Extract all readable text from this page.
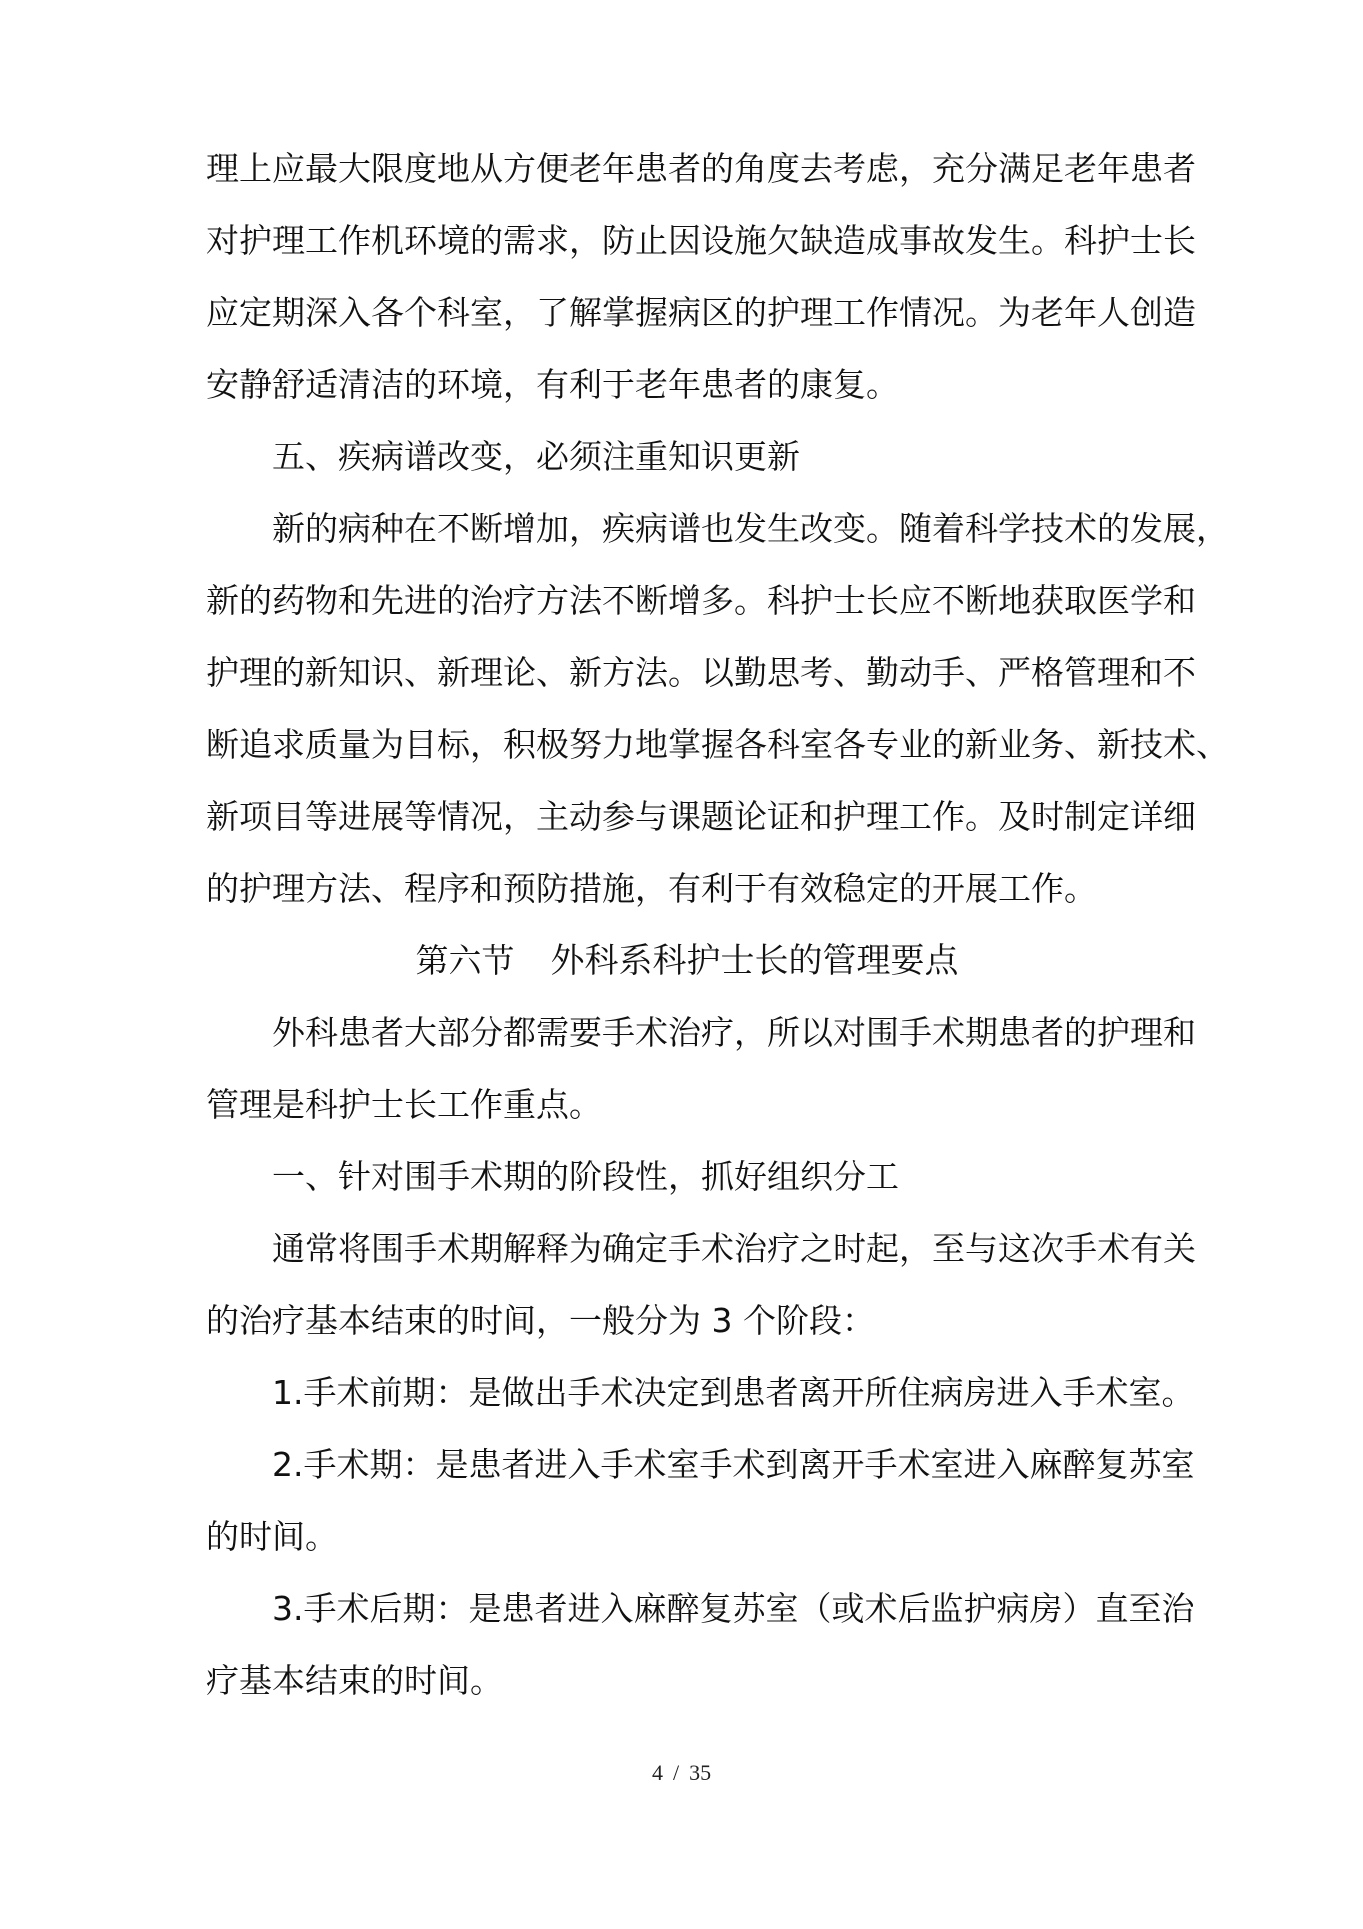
理上应最大限度地从方便老年患者的角度去考虑，充分满足老年患者
对护理工作机环境的需求，防止因设施欠缺造成事故发生。科护士长
应定期深入各个科室，了解掌握病区的护理工作情况。为老年人创造
安静舒适清洁的环境，有利于老年患者的康复。
五、疾病谱改变，必须注重知识更新
新的病种在不断增加，疾病谱也发生改变。随着科学技术的发展，
新的药物和先进的治疗方法不断增多。科护士长应不断地获取医学和
护理的新知识、新理论、新方法。以勤思考、勤动手、严格管理和不
断追求质量为目标，积极努力地掌握各科室各专业的新业务、新技术、
新项目等进展等情况，主动参与课题论证和护理工作。及时制定详细
的护理方法、程序和预防措施，有利于有效稳定的开展工作。
第六节 外科系科护士长的管理要点
外科患者大部分都需要手术治疗，所以对围手术期患者的护理和
管理是科护士长工作重点。
一、针对围手术期的阶段性，抓好组织分工
通常将围手术期解释为确定手术治疗之时起，至与这次手术有关
的治疗基本结束的时间，一般分为 3 个阶段：
1.手术前期：是做出手术决定到患者离开所住病房进入手术室。
2.手术期：是患者进入手术室手术到离开手术室进入麻醉复苏室
的时间。
3.手术后期：是患者进入麻醉复苏室（或术后监护病房）直至治
疗基本结束的时间。
4 / 35
